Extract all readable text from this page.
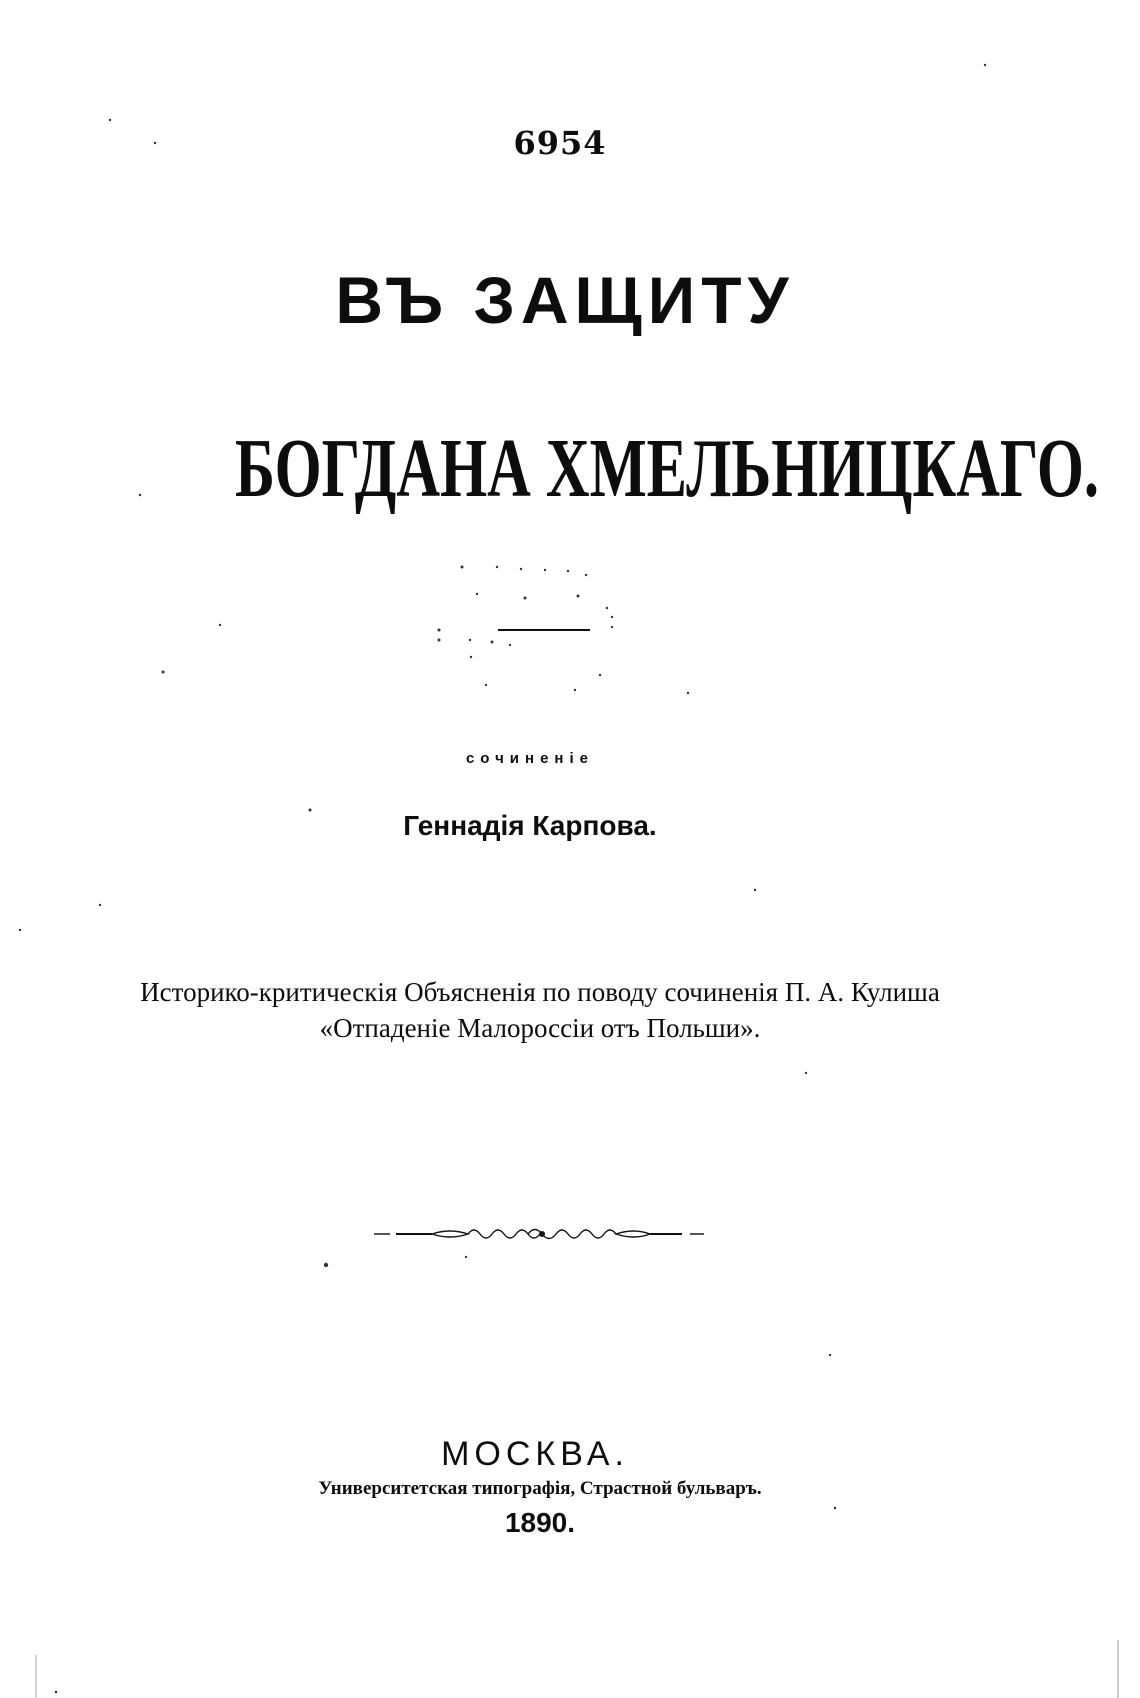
6954
ВЪ ЗАЩИТУ
БОГДАНА ХМЕЛЬНИЦКАГО.
сочиненіе
Геннадія Карпова.
Историко-критическія Объясненія по поводу сочиненія П. А. Кулиша
«Отпаденіе Малороссіи отъ Польши».
МОСКВА.
Университетская типографія, Страстной бульваръ.
1890.
